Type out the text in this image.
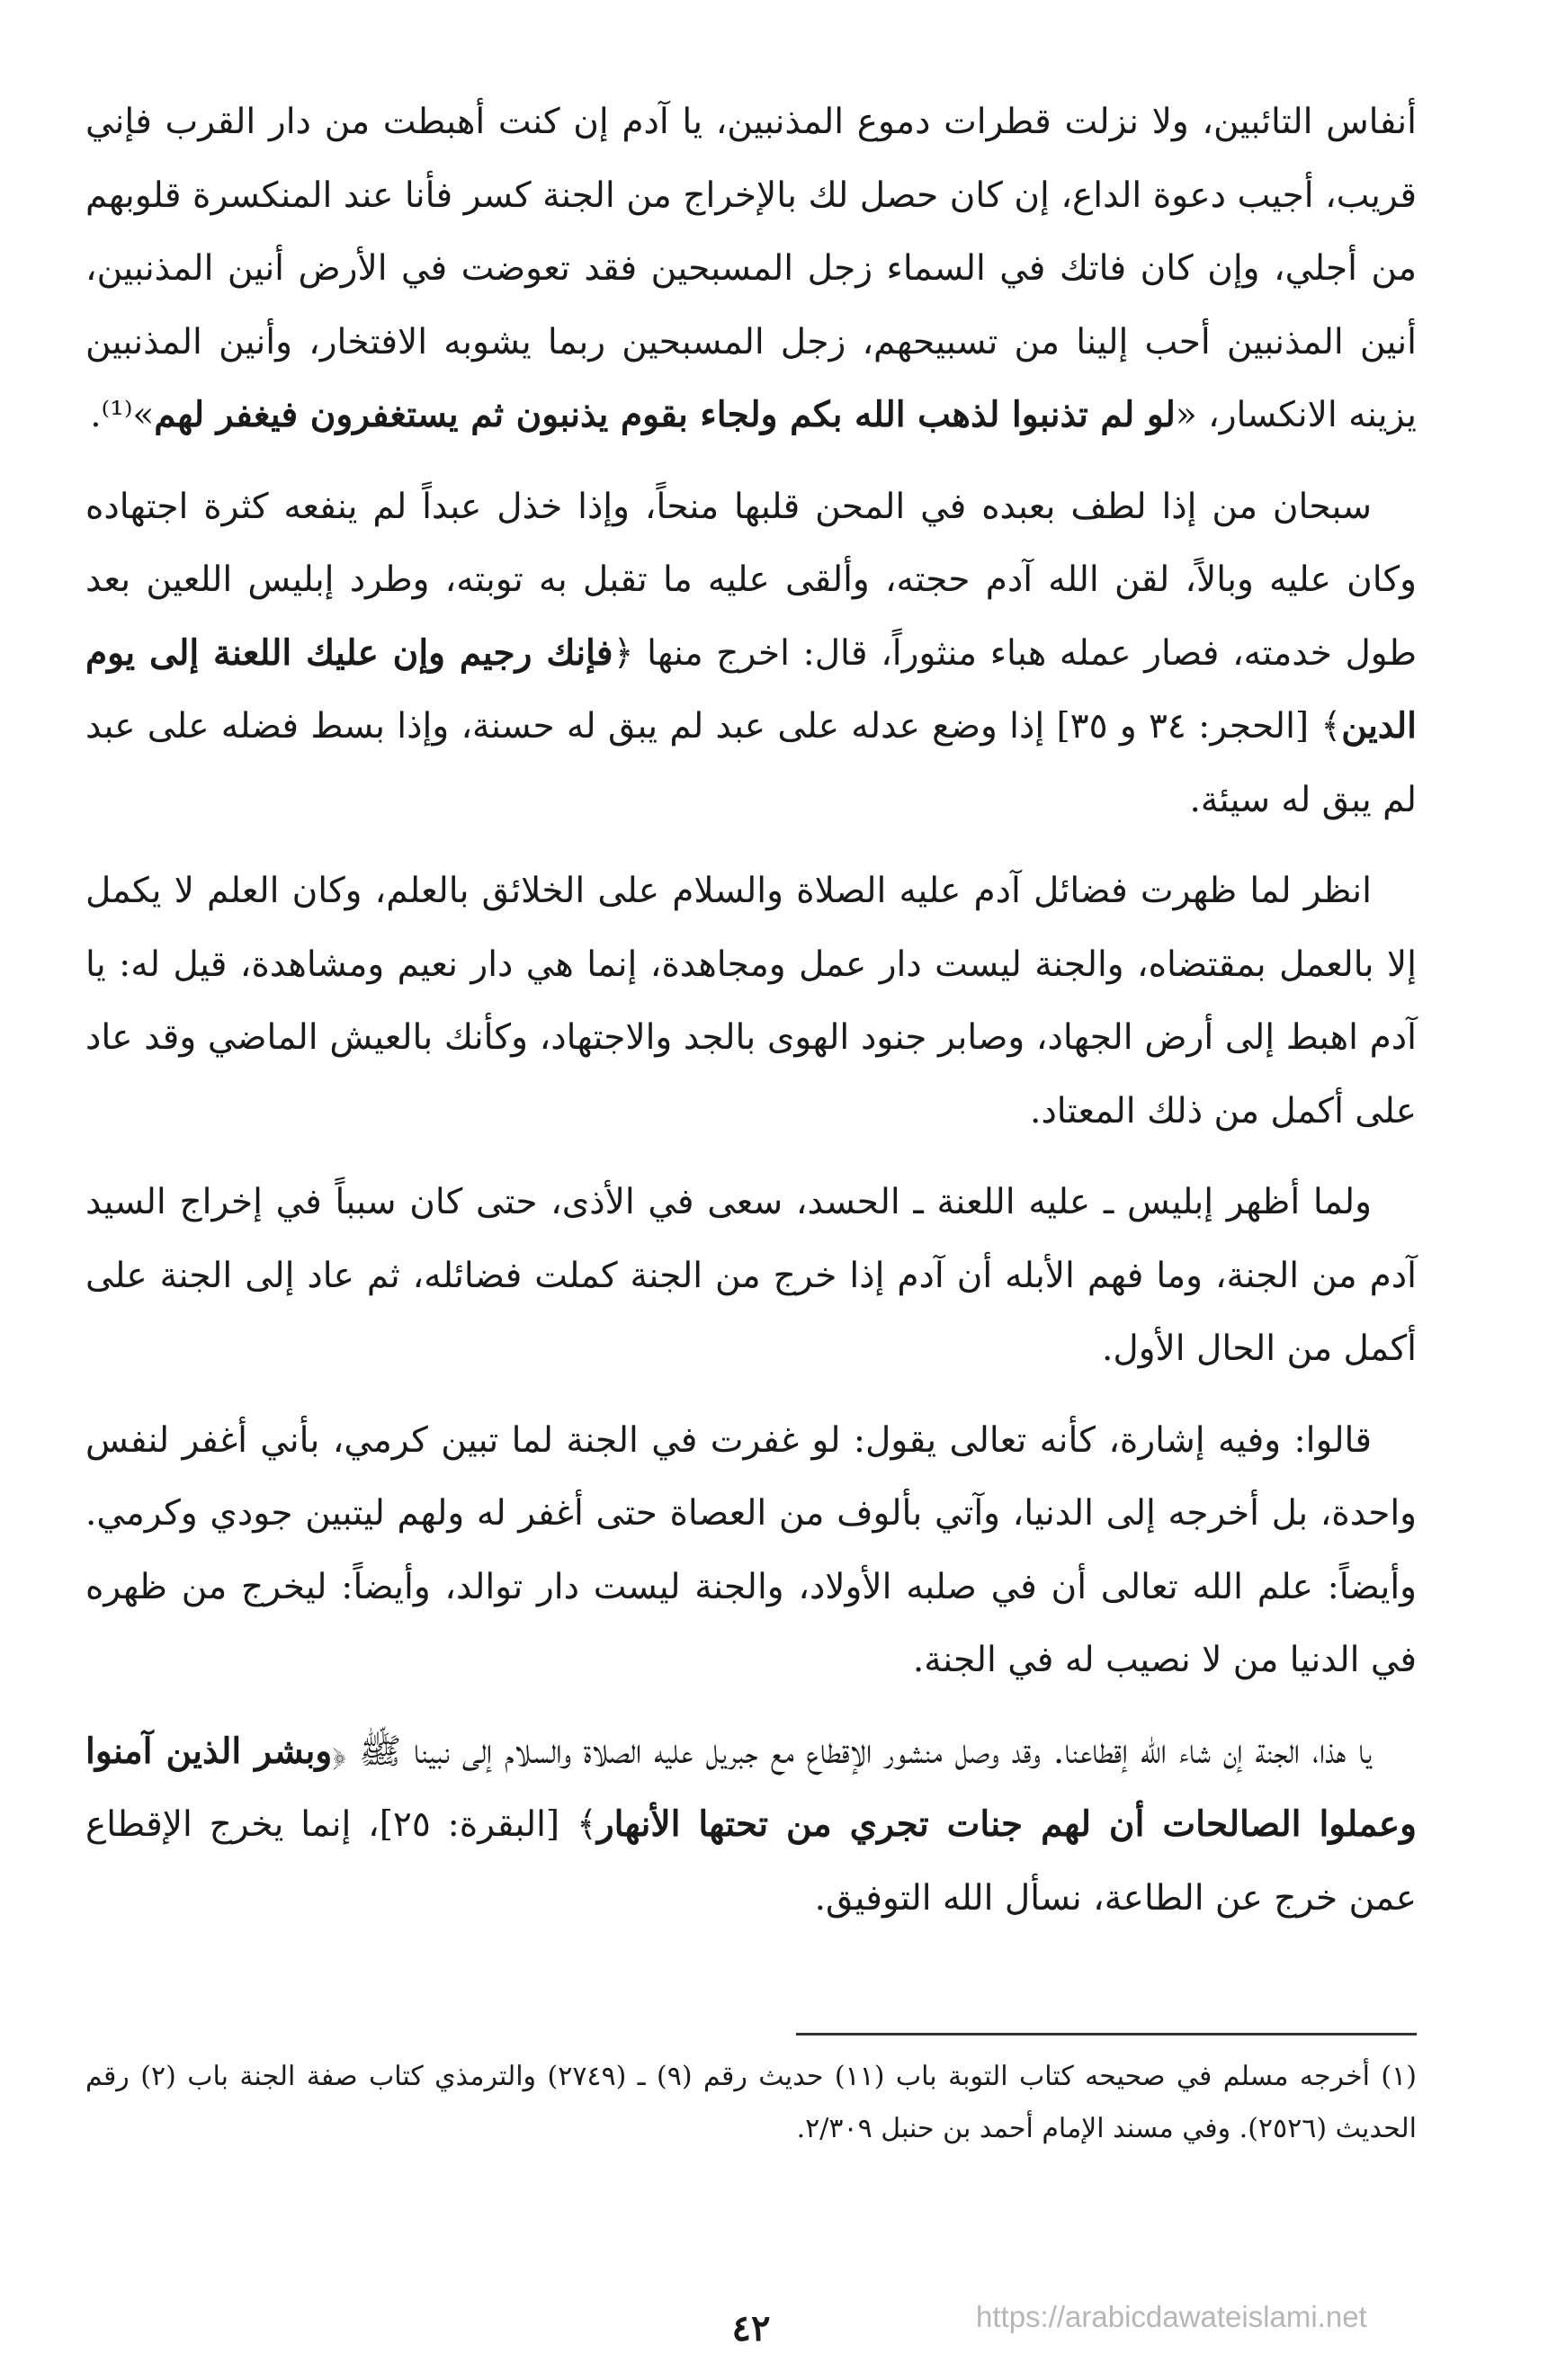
أنفاس التائبين، ولا نزلت قطرات دموع المذنبين، يا آدم إن كنت أهبطت من دار القرب فإني قريب، أجيب دعوة الداع، إن كان حصل لك بالإخراج من الجنة كسر فأنا عند المنكسرة قلوبهم من أجلي، وإن كان فاتك في السماء زجل المسبحين فقد تعوضت في الأرض أنين المذنبين، أنين المذنبين أحب إلينا من تسبيحهم، زجل المسبحين ربما يشوبه الافتخار، وأنين المذنبين يزينه الانكسار، «لو لم تذنبوا لذهب الله بكم ولجاء بقوم يذنبون ثم يستغفرون فيغفر لهم»⁽¹⁾.

سبحان من إذا لطف بعبده في المحن قلبها منحاً، وإذا خذل عبداً لم ينفعه كثرة اجتهاده وكان عليه وبالاً، لقن الله آدم حجته، وألقى عليه ما تقبل به توبته، وطرد إبليس اللعين بعد طول خدمته، فصار عمله هباء منثوراً، قال: اخرج منها ﴿فإنك رجيم وإن عليك اللعنة إلى يوم الدين﴾ [الحجر: ٣٤ و ٣٥] إذا وضع عدله على عبد لم يبق له حسنة، وإذا بسط فضله على عبد لم يبق له سيئة.

انظر لما ظهرت فضائل آدم عليه الصلاة والسلام على الخلائق بالعلم، وكان العلم لا يكمل إلا بالعمل بمقتضاه، والجنة ليست دار عمل ومجاهدة، إنما هي دار نعيم ومشاهدة، قيل له: يا آدم اهبط إلى أرض الجهاد، وصابر جنود الهوى بالجد والاجتهاد، وكأنك بالعيش الماضي وقد عاد على أكمل من ذلك المعتاد.

ولما أظهر إبليس ـ عليه اللعنة ـ الحسد، سعى في الأذى، حتى كان سبباً في إخراج السيد آدم من الجنة، وما فهم الأبله أن آدم إذا خرج من الجنة كملت فضائله، ثم عاد إلى الجنة على أكمل من الحال الأول.

قالوا: وفيه إشارة، كأنه تعالى يقول: لو غفرت في الجنة لما تبين كرمي، بأني أغفر لنفس واحدة، بل أخرجه إلى الدنيا، وآتي بألوف من العصاة حتى أغفر له ولهم ليتبين جودي وكرمي. وأيضاً: علم الله تعالى أن في صلبه الأولاد، والجنة ليست دار توالد، وأيضاً: ليخرج من ظهره في الدنيا من لا نصيب له في الجنة.

يا هذا، الجنة إن شاء الله إقطاعنا. وقد وصل منشور الإقطاع مع جبريل عليه الصلاة والسلام إلى نبينا ﷺ ﴿وبشر الذين آمنوا وعملوا الصالحات أن لهم جنات تجري من تحتها الأنهار﴾ [البقرة: ٢٥]، إنما يخرج الإقطاع عمن خرج عن الطاعة، نسأل الله التوفيق.

(١) أخرجه مسلم في صحيحه كتاب التوبة باب (١١) حديث رقم (٩) ـ (٢٧٤٩) والترمذي كتاب صفة الجنة باب (٢) رقم الحديث (٢٥٢٦). وفي مسند الإمام أحمد بن حنبل ٢/٣٠٩.
٤٢	https://arabicdawateislami.net
